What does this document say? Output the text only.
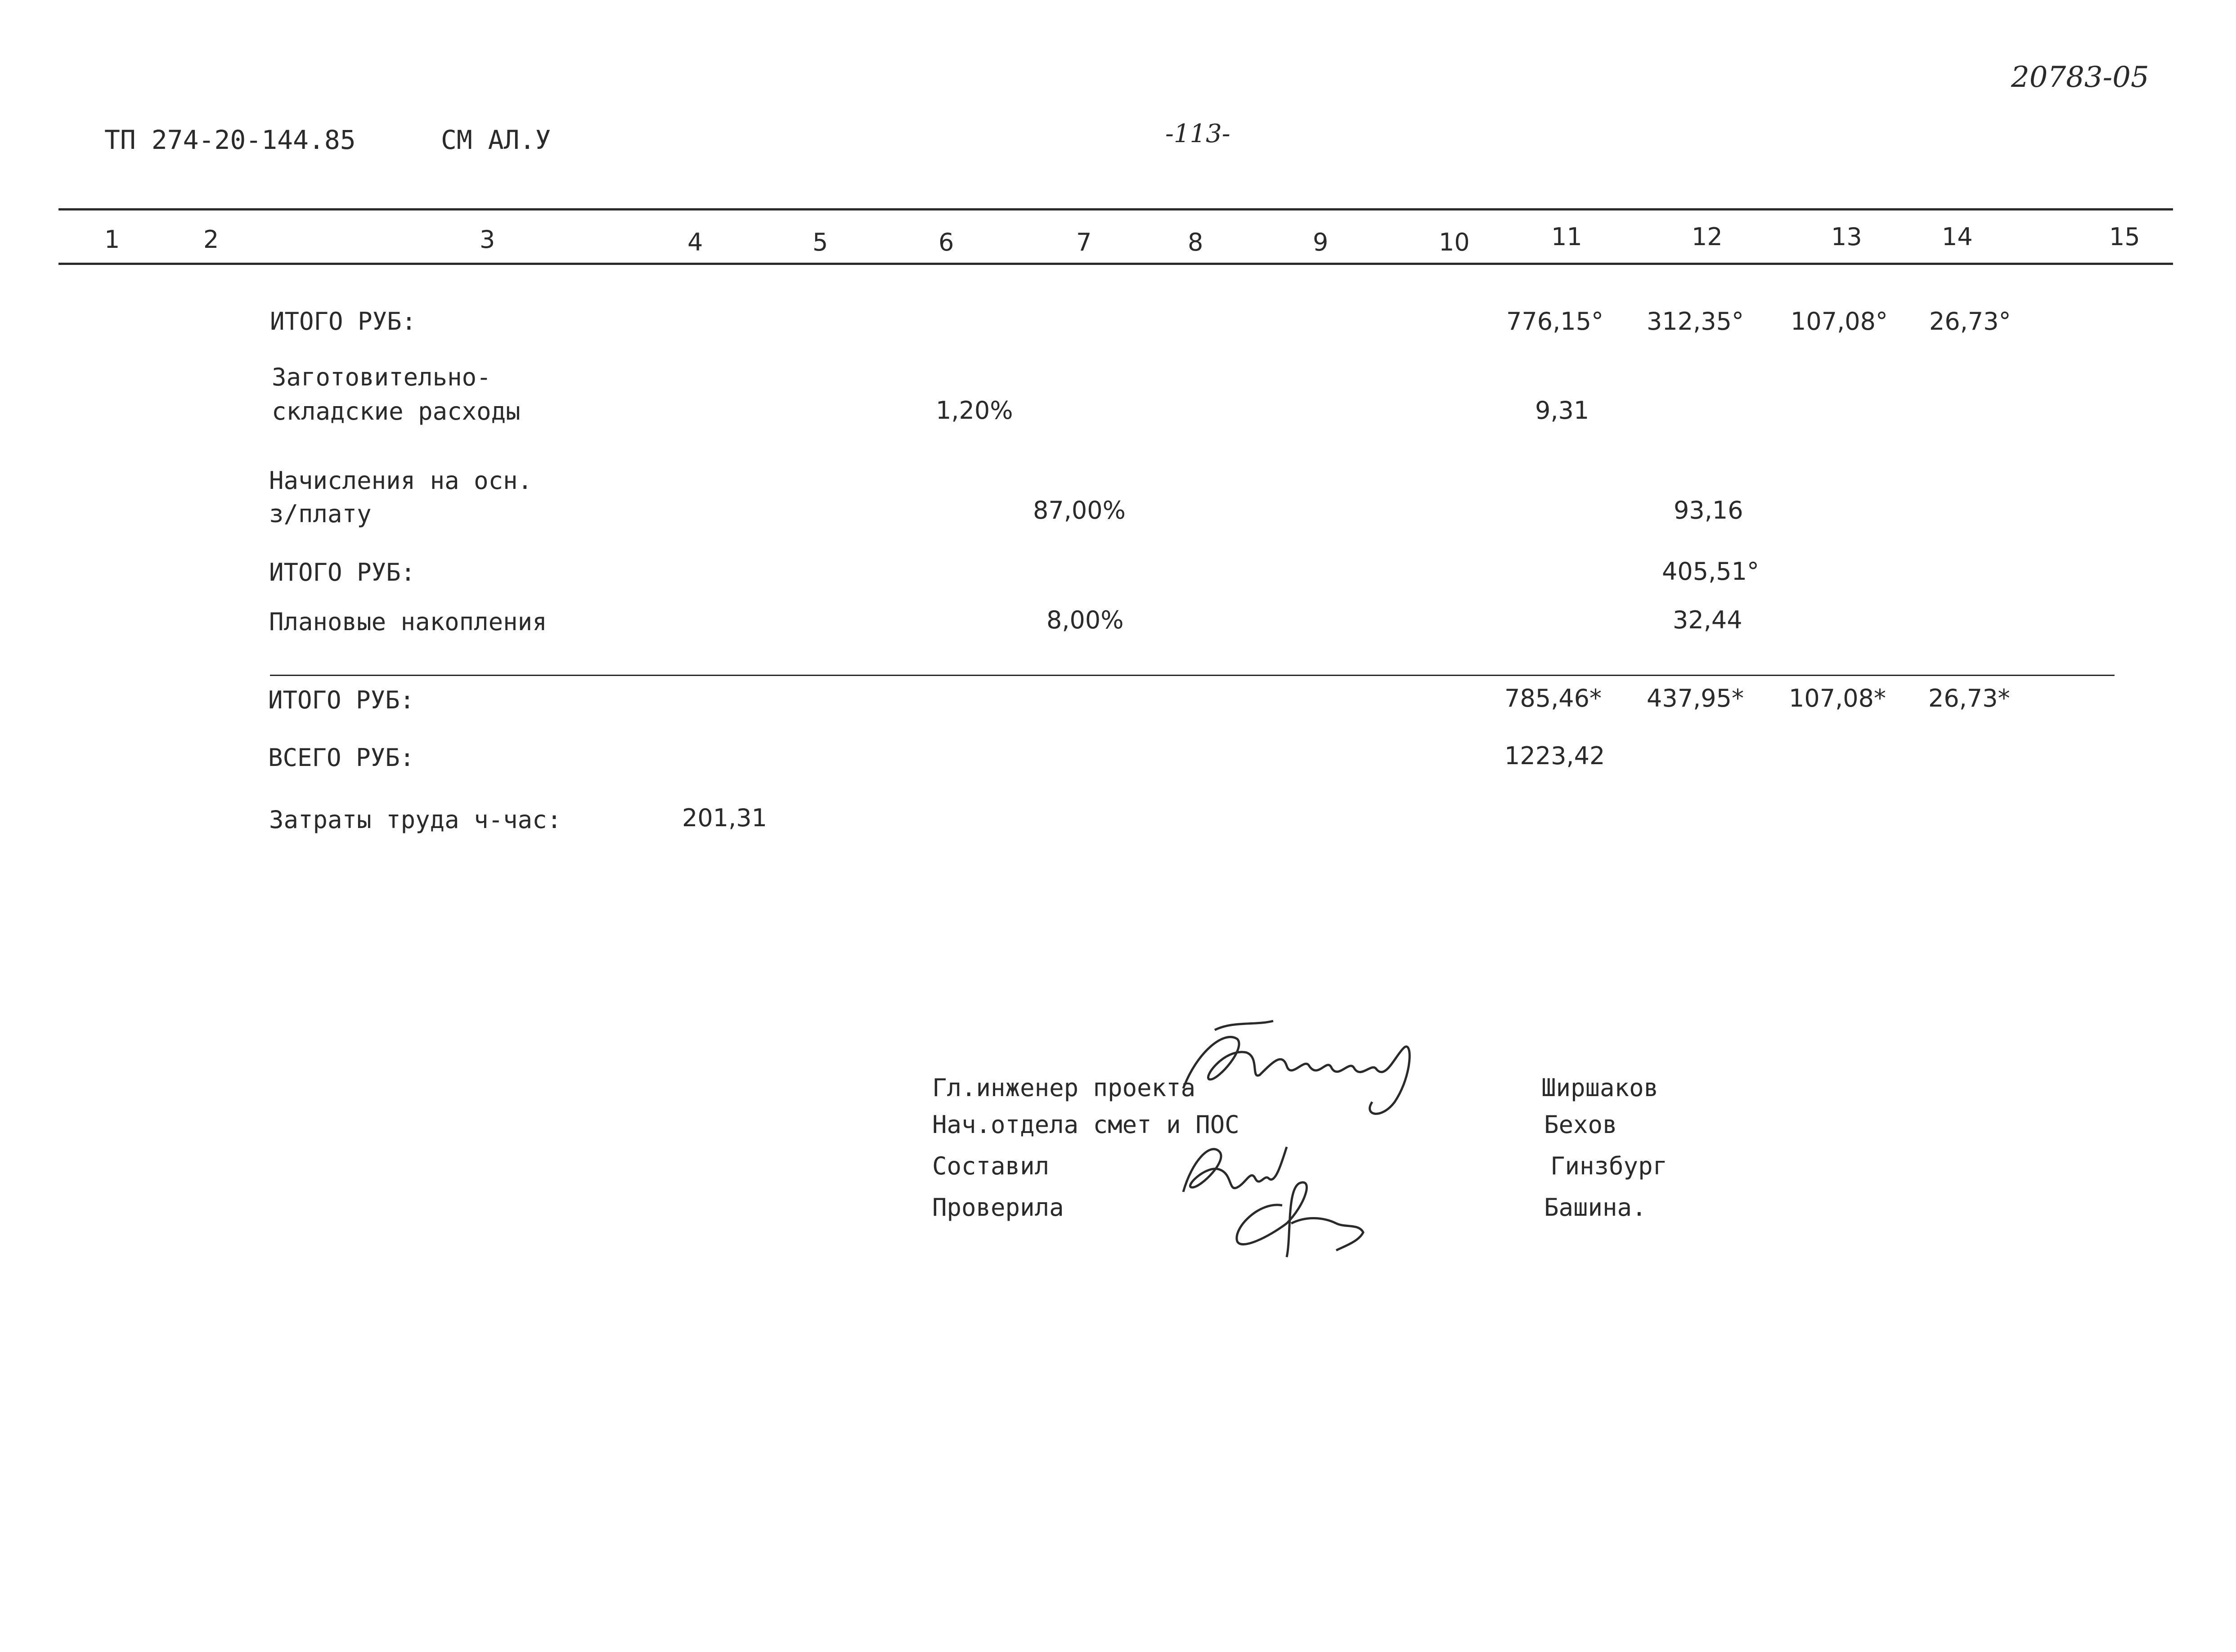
ТП 274-20-144.85	СМ АЛ.У	-113-
20783-05
1	2	3	4	5	6	7	8	9	10	11	12	13	14	15
ИТОГО РУБ:	776,15° 312,35° 107,08° 26,73°
Заготовительно-
складские расходы	1,20%	9,31
Начисления на осн.
з/плату	87,00%	93,16
ИТОГО РУБ:	405,51°
Плановые накопления	8,00%	32,44
ИТОГО РУБ:	785,46* 437,95* 107,08* 26,73*
ВСЕГО РУБ:	1223,42
Затраты труда ч-час:	201,31
Гл.инженер проекта	Ширшаков
Нач.отдела смет и ПОС	Бехов
Составил	Гинзбург
Проверила	Башина.
